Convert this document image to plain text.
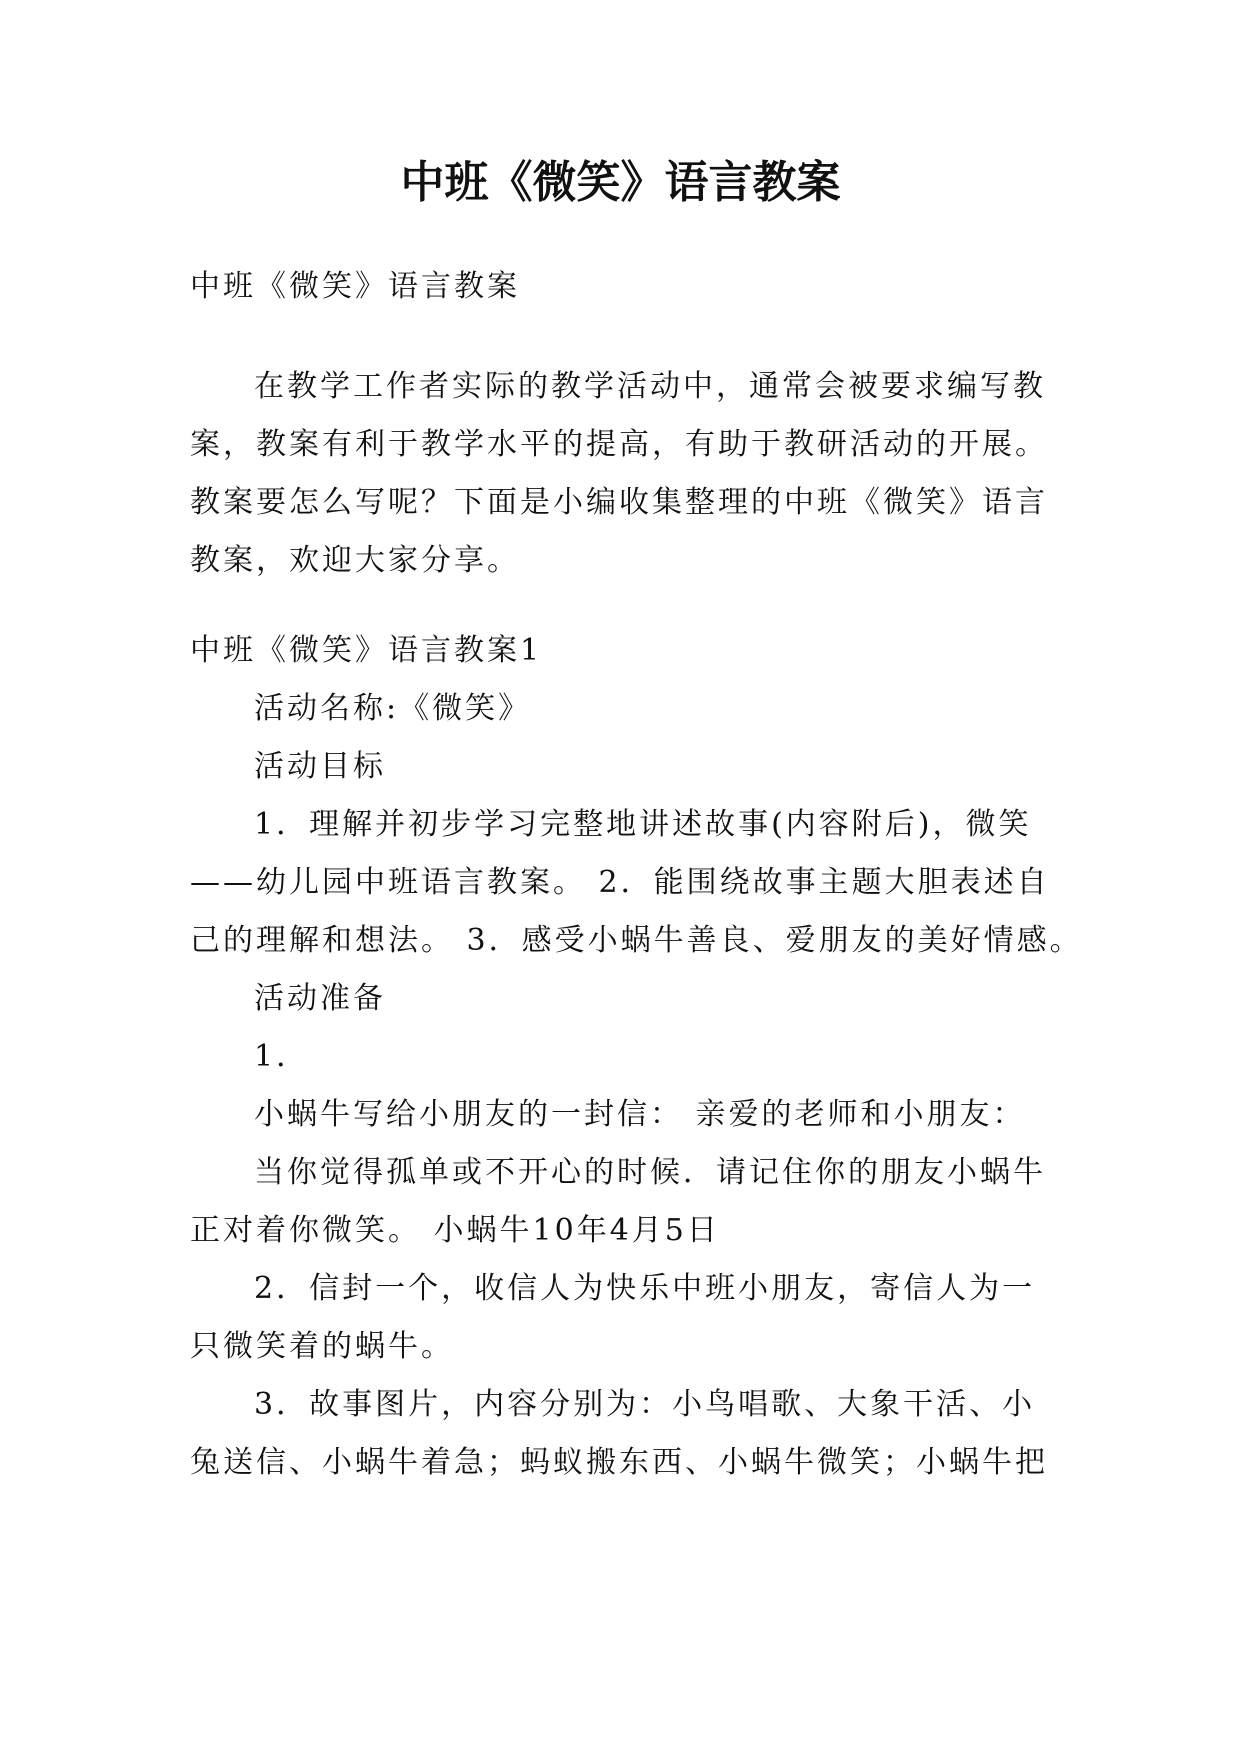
中班《微笑》语言教案

中班《微笑》语言教案

在教学工作者实际的教学活动中，通常会被要求编写教
案，教案有利于教学水平的提高，有助于教研活动的开展。
教案要怎么写呢？下面是小编收集整理的中班《微笑》语言
教案，欢迎大家分享。
中班《微笑》语言教案1
活动名称:《微笑》
活动目标
1．理解并初步学习完整地讲述故事(内容附后)，微笑
——幼儿园中班语言教案。 2．能围绕故事主题大胆表述自
己的理解和想法。 3．感受小蜗牛善良、爱朋友的美好情感。
活动准备
1．
小蜗牛写给小朋友的一封信： 亲爱的老师和小朋友：
当你觉得孤单或不开心的时候．请记住你的朋友小蜗牛
正对着你微笑。 小蜗牛10年4月5日
2．信封一个，收信人为快乐中班小朋友，寄信人为一
只微笑着的蜗牛。
3．故事图片，内容分别为：小鸟唱歌、大象干活、小
兔送信、小蜗牛着急；蚂蚁搬东西、小蜗牛微笑；小蜗牛把
